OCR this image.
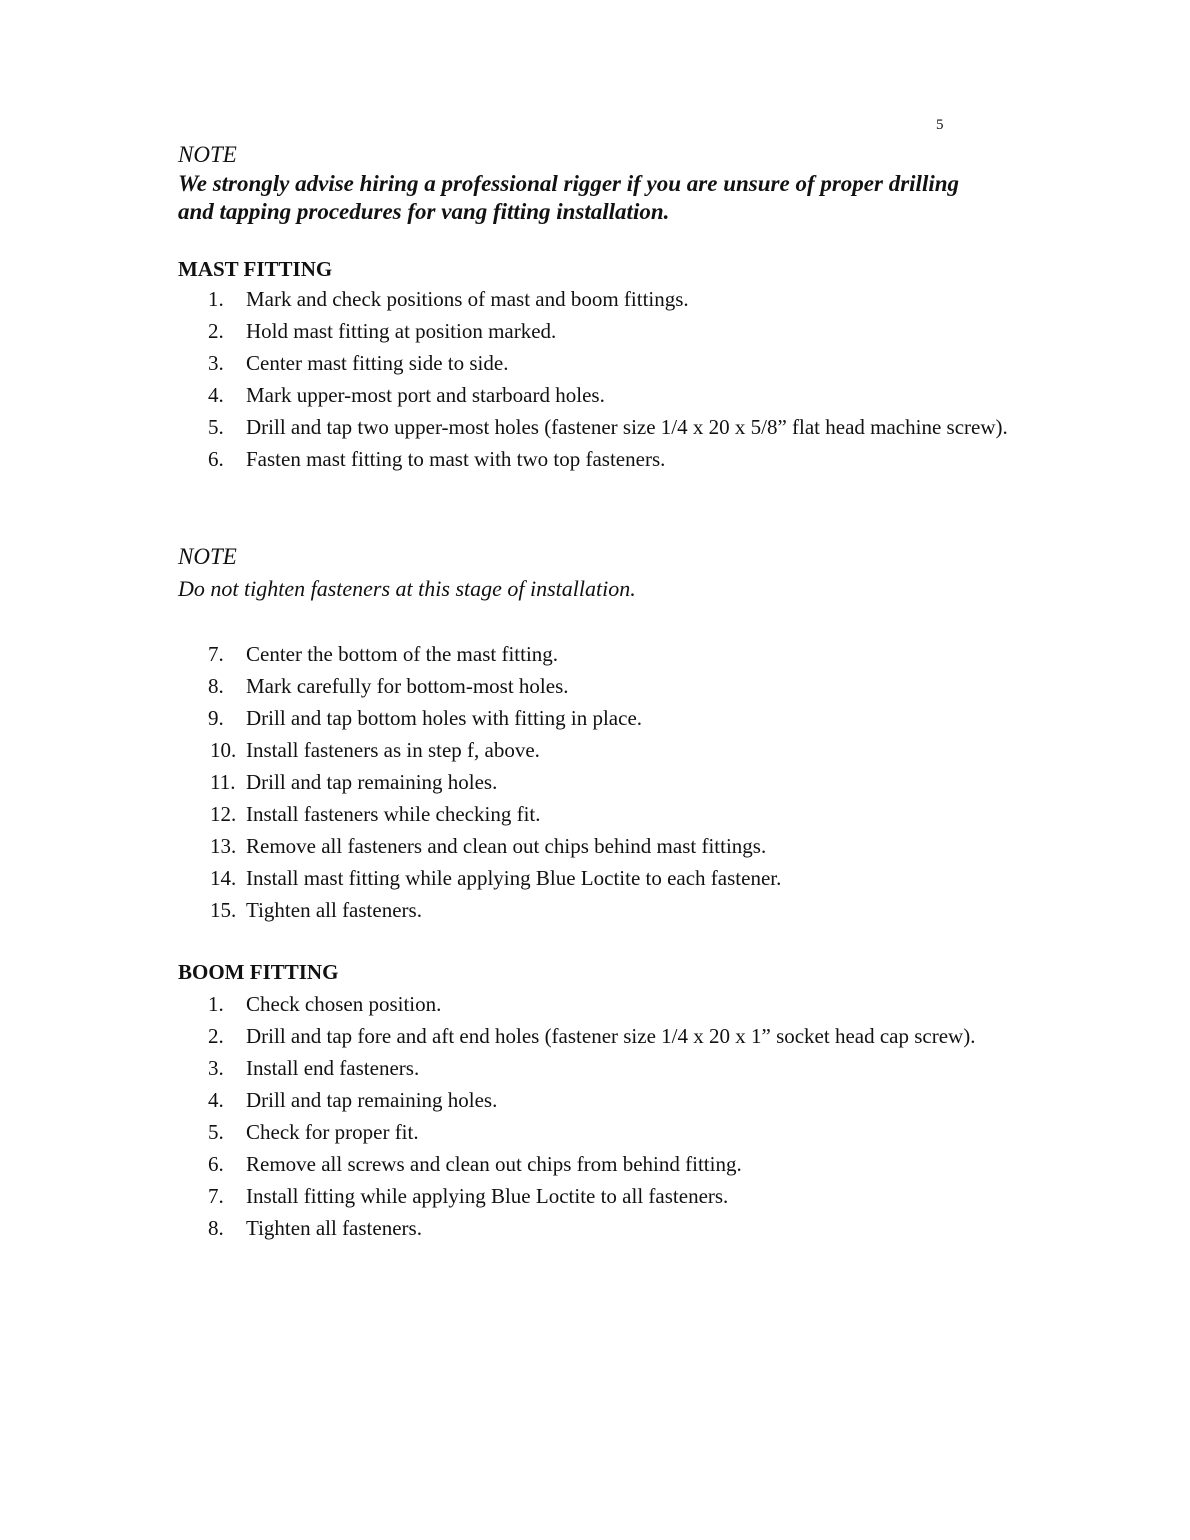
5
NOTE
We strongly advise hiring a professional rigger if you are unsure of proper drilling and tapping procedures for vang fitting installation.
MAST FITTING
1. Mark and check positions of mast and boom fittings.
2. Hold mast fitting at position marked.
3. Center mast fitting side to side.
4. Mark upper-most port and starboard holes.
5. Drill and tap two upper-most holes (fastener size 1/4 x 20 x 5/8” flat head machine screw).
6. Fasten mast fitting to mast with two top fasteners.
NOTE
Do not tighten fasteners at this stage of installation.
7. Center the bottom of the mast fitting.
8. Mark carefully for bottom-most holes.
9. Drill and tap bottom holes with fitting in place.
10. Install fasteners as in step f, above.
11. Drill and tap remaining holes.
12. Install fasteners while checking fit.
13. Remove all fasteners and clean out chips behind mast fittings.
14. Install mast fitting while applying Blue Loctite to each fastener.
15. Tighten all fasteners.
BOOM FITTING
1. Check chosen position.
2. Drill and tap fore and aft end holes (fastener size 1/4 x 20 x 1” socket head cap screw).
3. Install end fasteners.
4. Drill and tap remaining holes.
5. Check for proper fit.
6. Remove all screws and clean out chips from behind fitting.
7. Install fitting while applying Blue Loctite to all fasteners.
8. Tighten all fasteners.
